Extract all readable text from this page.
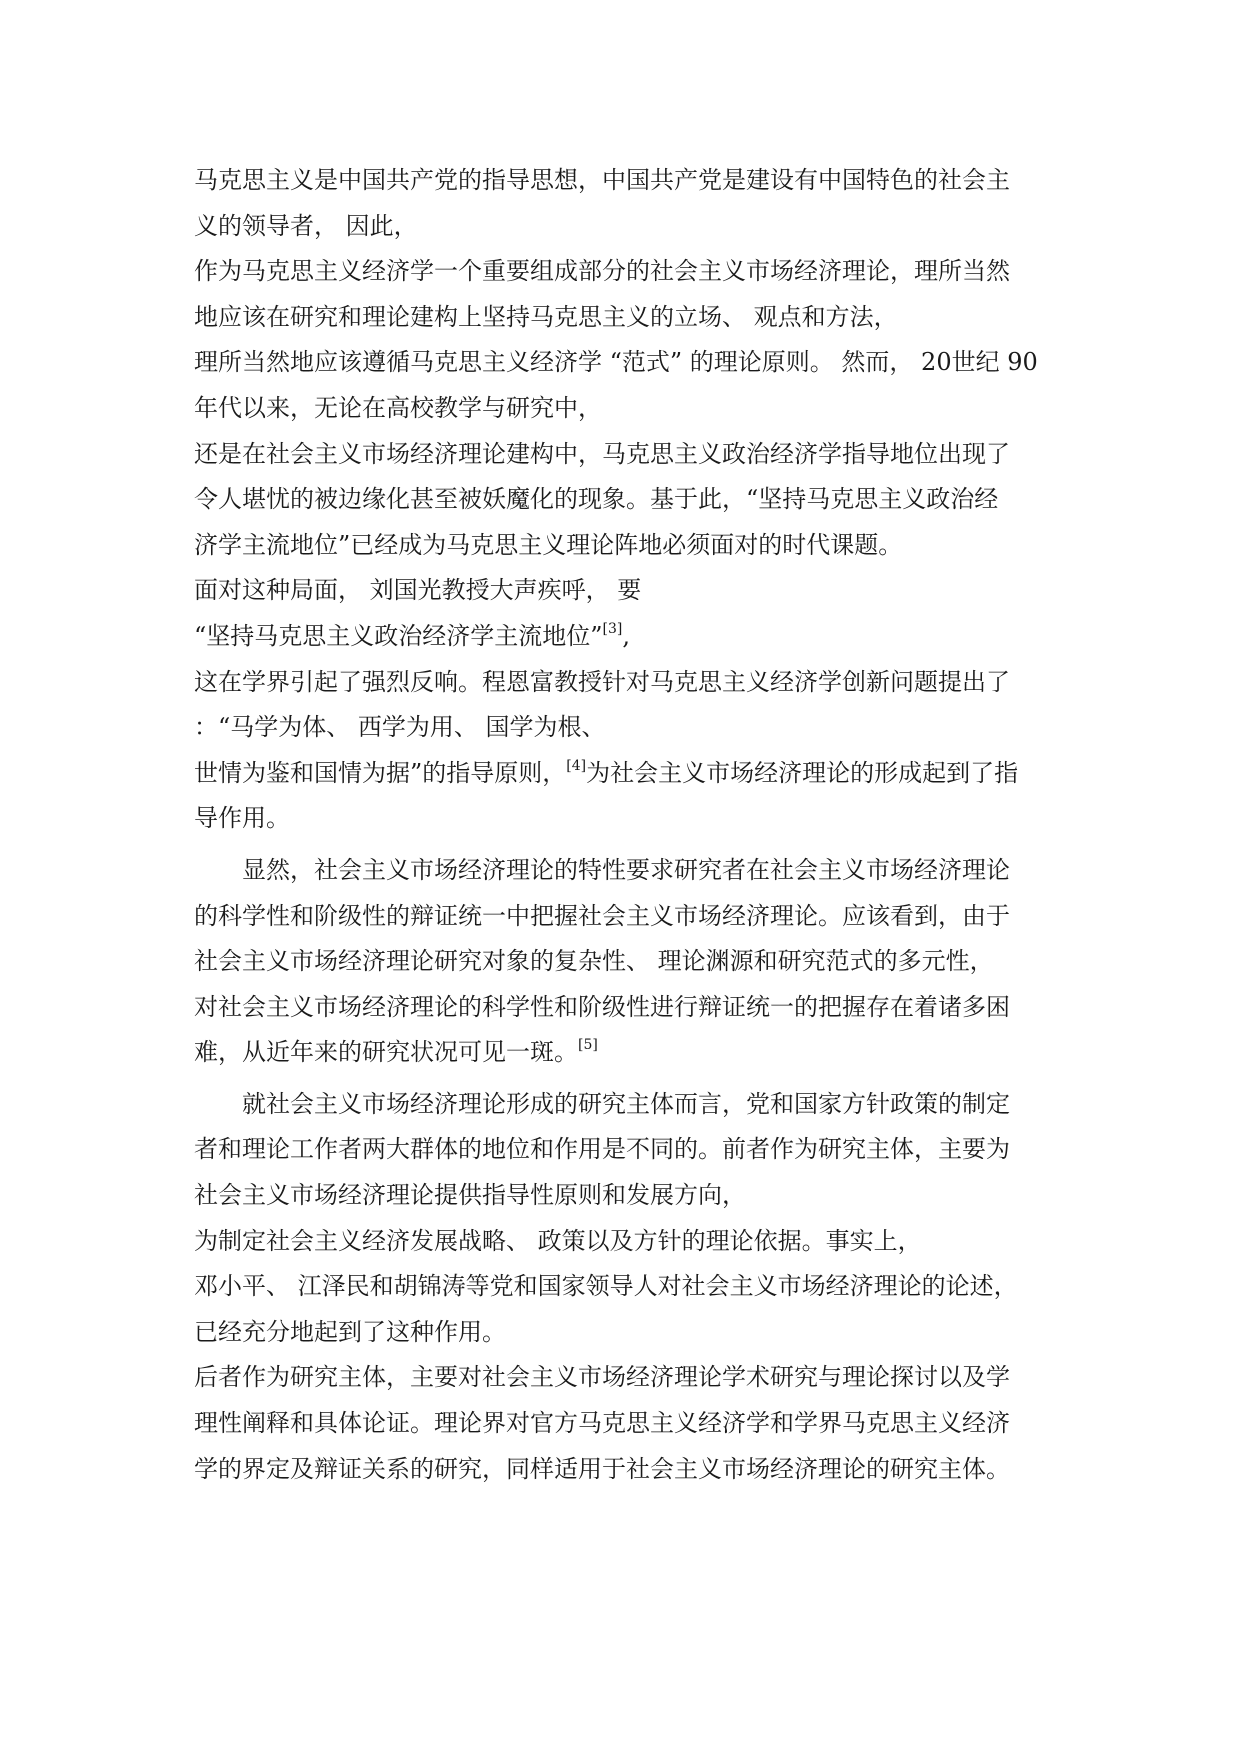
马克思主义是中国共产党的指导思想，中国共产党是建设有中国特色的社会主
义的领导者， 因此，
作为马克思主义经济学一个重要组成部分的社会主义市场经济理论，理所当然
地应该在研究和理论建构上坚持马克思主义的立场、 观点和方法，
理所当然地应该遵循马克思主义经济学 “范式” 的理论原则。 然而， 20世纪 90
年代以来，无论在高校教学与研究中，
还是在社会主义市场经济理论建构中，马克思主义政治经济学指导地位出现了
令人堪忧的被边缘化甚至被妖魔化的现象。基于此，“坚持马克思主义政治经
济学主流地位”已经成为马克思主义理论阵地必须面对的时代课题。
面对这种局面， 刘国光教授大声疾呼， 要
“坚持马克思主义政治经济学主流地位”[3],
这在学界引起了强烈反响。程恩富教授针对马克思主义经济学创新问题提出了
：“马学为体、 西学为用、 国学为根、
世情为鉴和国情为据”的指导原则，[4]为社会主义市场经济理论的形成起到了指
导作用。
显然，社会主义市场经济理论的特性要求研究者在社会主义市场经济理论
的科学性和阶级性的辩证统一中把握社会主义市场经济理论。应该看到，由于
社会主义市场经济理论研究对象的复杂性、 理论渊源和研究范式的多元性，
对社会主义市场经济理论的科学性和阶级性进行辩证统一的把握存在着诸多困
难，从近年来的研究状况可见一斑。[5]
就社会主义市场经济理论形成的研究主体而言，党和国家方针政策的制定
者和理论工作者两大群体的地位和作用是不同的。前者作为研究主体，主要为
社会主义市场经济理论提供指导性原则和发展方向，
为制定社会主义经济发展战略、 政策以及方针的理论依据。事实上，
邓小平、 江泽民和胡锦涛等党和国家领导人对社会主义市场经济理论的论述，
已经充分地起到了这种作用。
后者作为研究主体，主要对社会主义市场经济理论学术研究与理论探讨以及学
理性阐释和具体论证。理论界对官方马克思主义经济学和学界马克思主义经济
学的界定及辩证关系的研究，同样适用于社会主义市场经济理论的研究主体。
